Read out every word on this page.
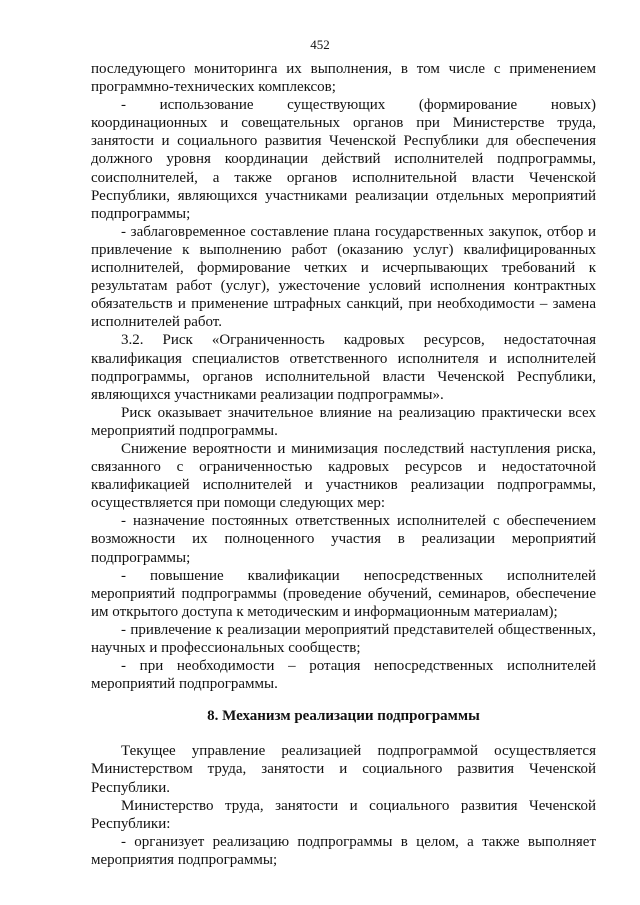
452

последующего мониторинга их выполнения, в том числе с применением программно-технических комплексов;

- использование существующих (формирование новых) координационных и совещательных органов при Министерстве труда, занятости и социального развития Чеченской Республики для обеспечения должного уровня координации действий исполнителей подпрограммы, соисполнителей, а также органов исполнительной власти Чеченской Республики, являющихся участниками реализации отдельных мероприятий подпрограммы;

- заблаговременное составление плана государственных закупок, отбор и привлечение к выполнению работ (оказанию услуг) квалифицированных исполнителей, формирование четких и исчерпывающих требований к результатам работ (услуг), ужесточение условий исполнения контрактных обязательств и применение штрафных санкций, при необходимости – замена исполнителей работ.

3.2. Риск «Ограниченность кадровых ресурсов, недостаточная квалификация специалистов ответственного исполнителя и исполнителей подпрограммы, органов исполнительной власти Чеченской Республики, являющихся участниками реализации подпрограммы».

Риск оказывает значительное влияние на реализацию практически всех мероприятий подпрограммы.

Снижение вероятности и минимизация последствий наступления риска, связанного с ограниченностью кадровых ресурсов и недостаточной квалификацией исполнителей и участников реализации подпрограммы, осуществляется при помощи следующих мер:

- назначение постоянных ответственных исполнителей с обеспечением возможности их полноценного участия в реализации мероприятий подпрограммы;

- повышение квалификации непосредственных исполнителей мероприятий подпрограммы (проведение обучений, семинаров, обеспечение им открытого доступа к методическим и информационным материалам);

- привлечение к реализации мероприятий представителей общественных, научных и профессиональных сообществ;

- при необходимости – ротация непосредственных исполнителей мероприятий подпрограммы.

8. Механизм реализации подпрограммы

Текущее управление реализацией подпрограммой осуществляется Министерством труда, занятости и социального развития Чеченской Республики.

Министерство труда, занятости и социального развития Чеченской Республики:

- организует реализацию подпрограммы в целом, а также выполняет мероприятия подпрограммы;
